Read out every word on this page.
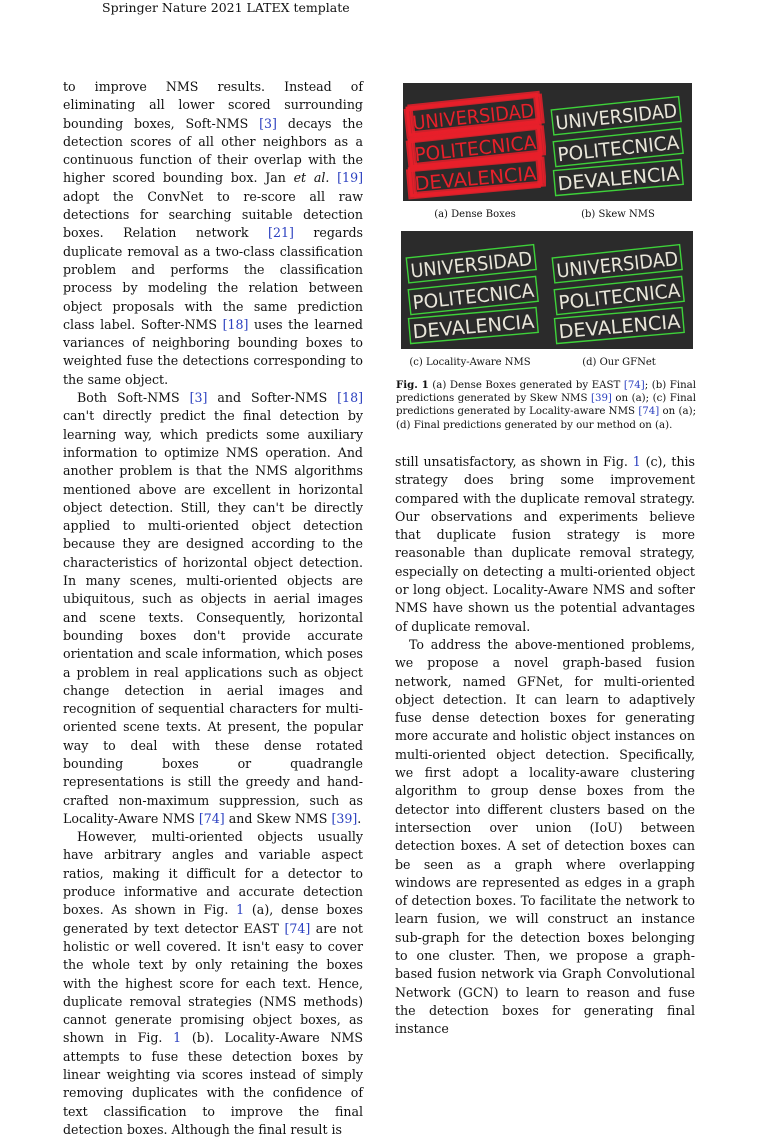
Springer Nature 2021 LATEX template

to improve NMS results. Instead of eliminating all lower scored surrounding bounding boxes, Soft-NMS [3] decays the detection scores of all other neighbors as a continuous function of their overlap with the higher scored bounding box. Jan et al. [19] adopt the ConvNet to re-score all raw detections for searching suitable detection boxes. Relation network [21] regards duplicate removal as a two-class classification problem and performs the classification process by modeling the relation between object proposals with the same prediction class label. Softer-NMS [18] uses the learned variances of neighboring bounding boxes to weighted fuse the detections corresponding to the same object.

Both Soft-NMS [3] and Softer-NMS [18] can't directly predict the final detection by learning way, which predicts some auxiliary information to optimize NMS operation. And another problem is that the NMS algorithms mentioned above are excellent in horizontal object detection. Still, they can't be directly applied to multi-oriented object detection because they are designed according to the characteristics of horizontal object detection. In many scenes, multi-oriented objects are ubiquitous, such as objects in aerial images and scene texts. Consequently, horizontal bounding boxes don't provide accurate orientation and scale information, which poses a problem in real applications such as object change detection in aerial images and recognition of sequential characters for multi-oriented scene texts. At present, the popular way to deal with these dense rotated bounding boxes or quadrangle representations is still the greedy and hand-crafted non-maximum suppression, such as Locality-Aware NMS [74] and Skew NMS [39].

However, multi-oriented objects usually have arbitrary angles and variable aspect ratios, making it difficult for a detector to produce informative and accurate detection boxes. As shown in Fig. 1 (a), dense boxes generated by text detector EAST [74] are not holistic or well covered. It isn't easy to cover the whole text by only retaining the boxes with the highest score for each text. Hence, duplicate removal strategies (NMS methods) cannot generate promising object boxes, as shown in Fig. 1 (b). Locality-Aware NMS attempts to fuse these detection boxes by linear weighting via scores instead of simply removing duplicates with the confidence of text classification to improve the final detection boxes. Although the final result is

UNIVERSIDAD
POLITECNICA
DEVALENCIA
UNIVERSIDAD
POLITECNICA
DEVALENCIA
UNIVERSIDAD
POLITECNICA
DEVALENCIA
UNIVERSIDAD
POLITECNICA
DEVALENCIA
(a) Dense Boxes	(b) Skew NMS
(c) Locality-Aware NMS	(d) Our GFNet
Fig. 1 (a) Dense Boxes generated by EAST [74]; (b) Final predictions generated by Skew NMS [39] on (a); (c) Final predictions generated by Locality-aware NMS [74] on (a); (d) Final predictions generated by our method on (a).

still unsatisfactory, as shown in Fig. 1 (c), this strategy does bring some improvement compared with the duplicate removal strategy. Our observations and experiments believe that duplicate fusion strategy is more reasonable than duplicate removal strategy, especially on detecting a multi-oriented object or long object. Locality-Aware NMS and softer NMS have shown us the potential advantages of duplicate removal.

To address the above-mentioned problems, we propose a novel graph-based fusion network, named GFNet, for multi-oriented object detection. It can learn to adaptively fuse dense detection boxes for generating more accurate and holistic object instances on multi-oriented object detection. Specifically, we first adopt a locality-aware clustering algorithm to group dense boxes from the detector into different clusters based on the intersection over union (IoU) between detection boxes. A set of detection boxes can be seen as a graph where overlapping windows are represented as edges in a graph of detection boxes. To facilitate the network to learn fusion, we will construct an instance sub-graph for the detection boxes belonging to one cluster. Then, we propose a graph-based fusion network via Graph Convolutional Network (GCN) to learn to reason and fuse the detection boxes for generating final instance
